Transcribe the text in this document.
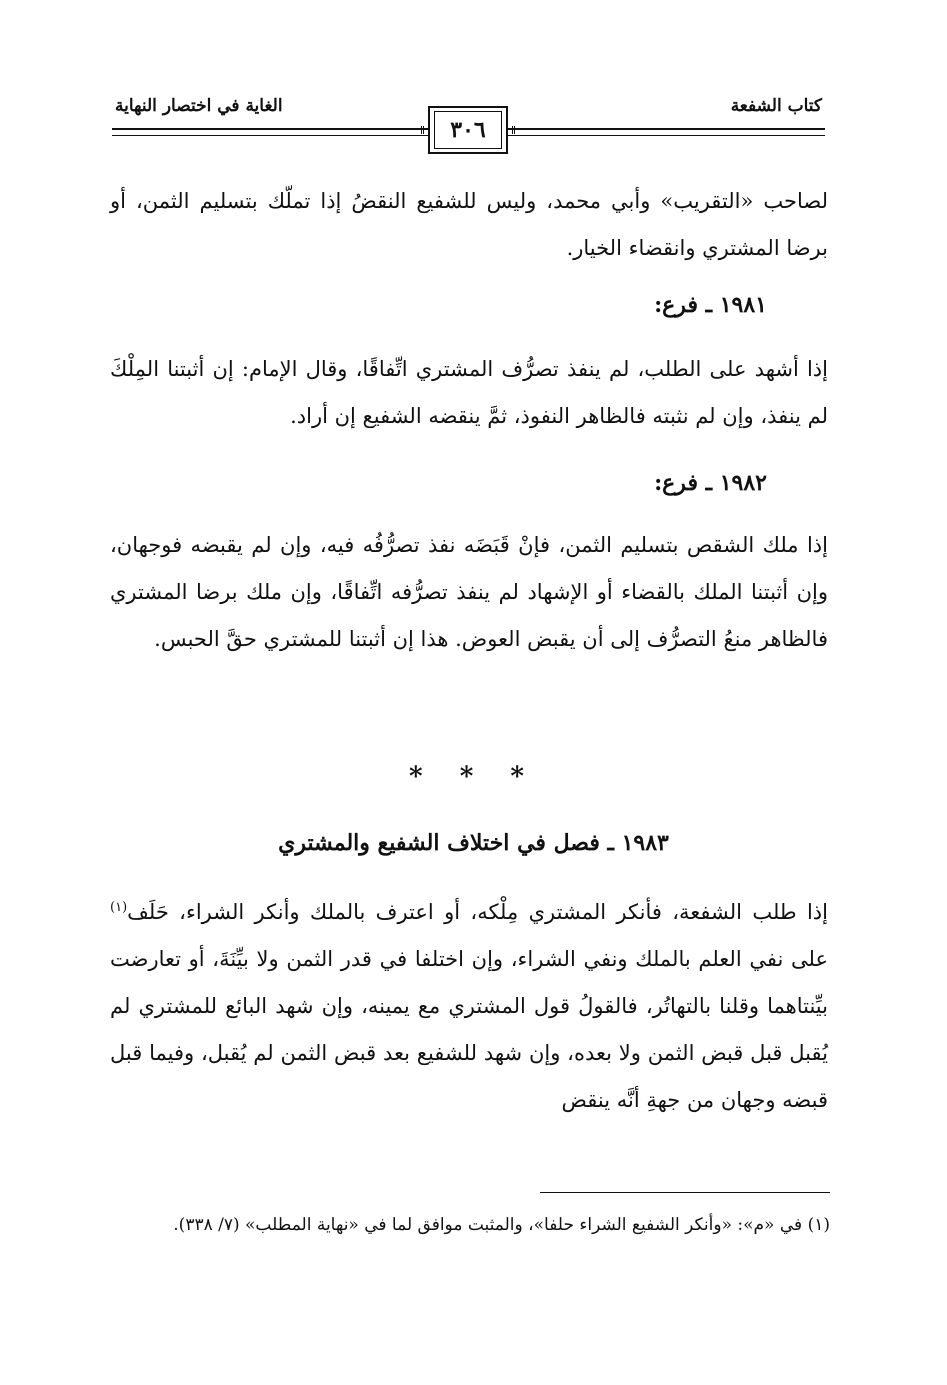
كتاب الشفعة
الغاية في اختصار النهاية
٣٠٦
لصاحب «التقريب» وأبي محمد، وليس للشفيع النقضُ إذا تملّك بتسليم الثمن، أو برضا المشتري وانقضاء الخيار.
١٩٨١ ـ فرع:
إذا أشهد على الطلب، لم ينفذ تصرُّف المشتري اتِّفاقًا، وقال الإمام: إن أثبتنا المِلْكَ لم ينفذ، وإن لم نثبته فالظاهر النفوذ، ثمَّ ينقضه الشفيع إن أراد.
١٩٨٢ ـ فرع:
إذا ملك الشقص بتسليم الثمن، فإنْ قَبَضَه نفذ تصرُّفُه فيه، وإن لم يقبضه فوجهان، وإن أثبتنا الملك بالقضاء أو الإشهاد لم ينفذ تصرُّفه اتِّفاقًا، وإن ملك برضا المشتري فالظاهر منعُ التصرُّف إلى أن يقبض العوض. هذا إن أثبتنا للمشتري حقَّ الحبس.
* * *
١٩٨٣ ـ فصل في اختلاف الشفيع والمشتري
إذا طلب الشفعة، فأنكر المشتري مِلْكه، أو اعترف بالملك وأنكر الشراء، حَلَف$^{(١)}$ على نفي العلم بالملك ونفي الشراء، وإن اختلفا في قدر الثمن ولا بيِّنَةَ، أو تعارضت بيِّنتاهما وقلنا بالتهاتُر، فالقولُ قول المشتري مع يمينه، وإن شهد البائع للمشتري لم يُقبل قبل قبض الثمن ولا بعده، وإن شهد للشفيع بعد قبض الثمن لم يُقبل، وفيما قبل قبضه وجهان من جهةِ أنَّه ينقض
(١) في «م»: «وأنكر الشفيع الشراء حلفا»، والمثبت موافق لما في «نهاية المطلب» (٧/ ٣٣٨).
